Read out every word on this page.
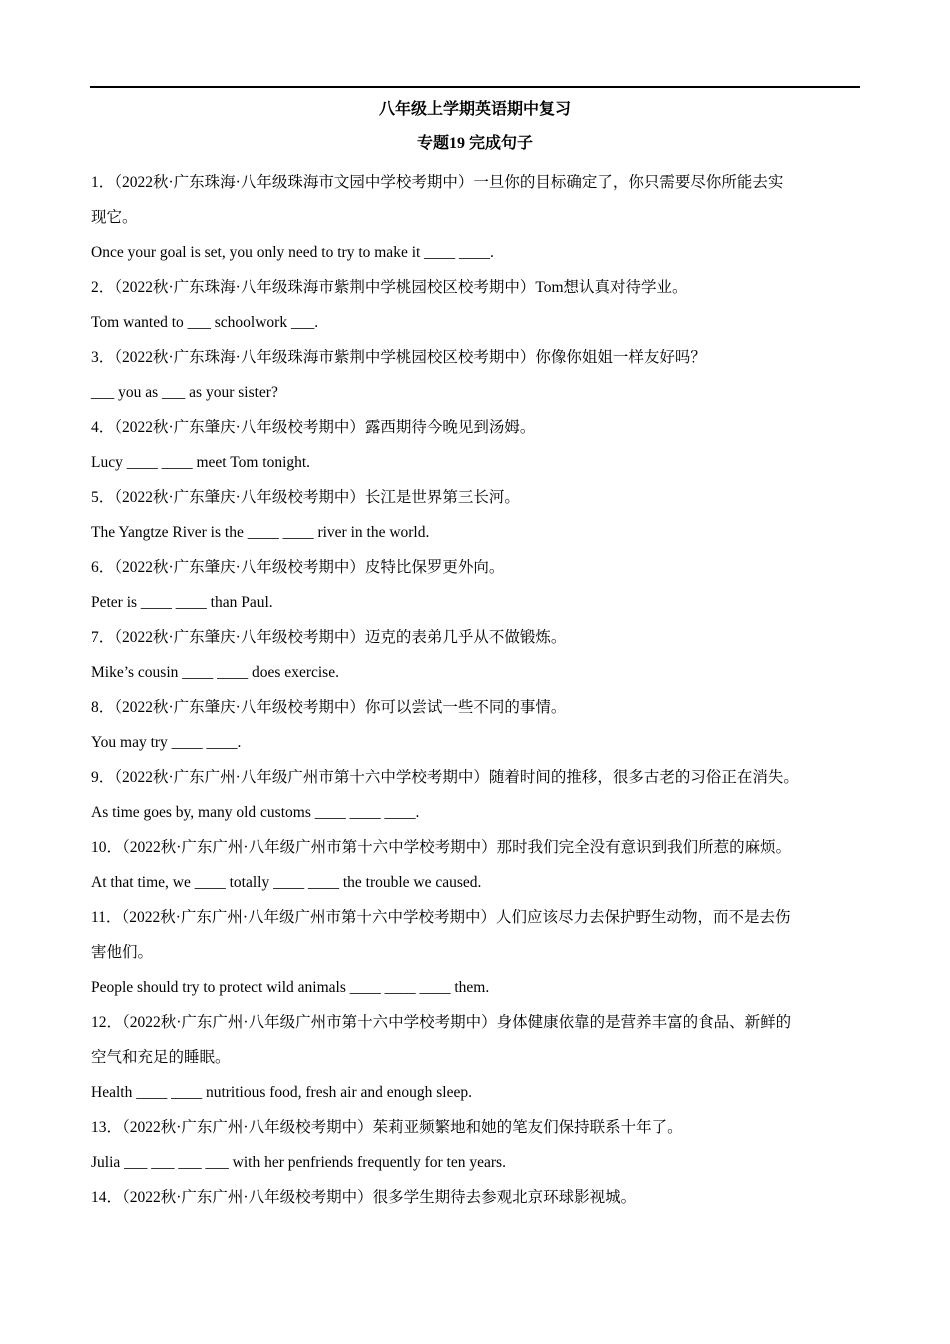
八年级上学期英语期中复习
专题19 完成句子
1．（2022秋·广东珠海·八年级珠海市文园中学校考期中）一旦你的目标确定了，你只需要尽你所能去实
现它。
Once your goal is set, you only need to try to make it ____ ____.
2．（2022秋·广东珠海·八年级珠海市紫荆中学桃园校区校考期中）Tom想认真对待学业。
Tom wanted to ___ schoolwork ___.
3．（2022秋·广东珠海·八年级珠海市紫荆中学桃园校区校考期中）你像你姐姐一样友好吗？
___ you as ___ as your sister?
4．（2022秋·广东肇庆·八年级校考期中）露西期待今晚见到汤姆。
Lucy ____ ____ meet Tom tonight.
5．（2022秋·广东肇庆·八年级校考期中）长江是世界第三长河。
The Yangtze River is the ____ ____ river in the world.
6．（2022秋·广东肇庆·八年级校考期中）皮特比保罗更外向。
Peter is ____ ____ than Paul.
7．（2022秋·广东肇庆·八年级校考期中）迈克的表弟几乎从不做锻炼。
Mike’s cousin ____ ____ does exercise.
8．（2022秋·广东肇庆·八年级校考期中）你可以尝试一些不同的事情。
You may try ____ ____.
9．（2022秋·广东广州·八年级广州市第十六中学校考期中）随着时间的推移，很多古老的习俗正在消失。
As time goes by, many old customs ____ ____ ____.
10．（2022秋·广东广州·八年级广州市第十六中学校考期中）那时我们完全没有意识到我们所惹的麻烦。
At that time, we ____ totally ____ ____ the trouble we caused.
11．（2022秋·广东广州·八年级广州市第十六中学校考期中）人们应该尽力去保护野生动物，而不是去伤
害他们。
People should try to protect wild animals ____ ____ ____ them.
12．（2022秋·广东广州·八年级广州市第十六中学校考期中）身体健康依靠的是营养丰富的食品、新鲜的
空气和充足的睡眠。
Health ____ ____ nutritious food, fresh air and enough sleep.
13．（2022秋·广东广州·八年级校考期中）茱莉亚频繁地和她的笔友们保持联系十年了。
Julia ___ ___ ___ ___ with her penfriends frequently for ten years.
14．（2022秋·广东广州·八年级校考期中）很多学生期待去参观北京环球影视城。
